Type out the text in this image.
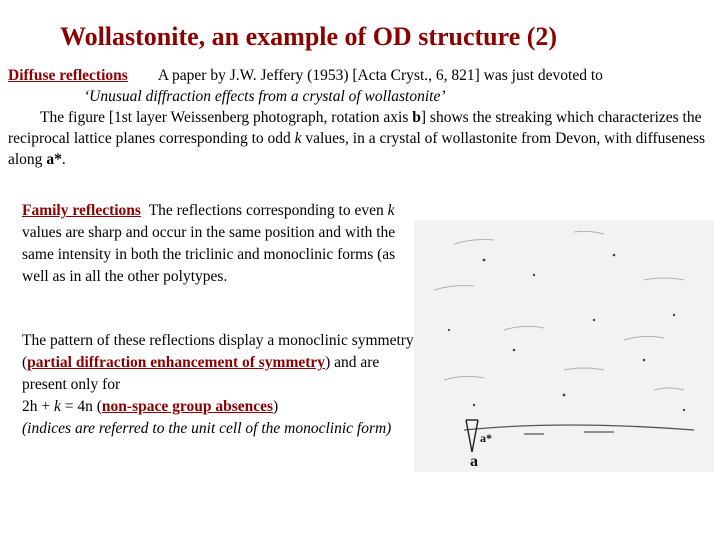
Wollastonite, an example of OD structure (2)
Diffuse reflections A paper by J.W. Jeffery (1953) [Acta Cryst., 6, 821] was just devoted to
‘Unusual diffraction effects from a crystal of wollastonite’
The figure [1st layer Weissenberg photograph, rotation axis b] shows the streaking which characterizes the reciprocal lattice planes corresponding to odd k values, in a crystal of wollastonite from Devon, with diffuseness along a*.
Family reflections The reflections corresponding to even k values are sharp and occur in the same position and with the same intensity in both the triclinic and monoclinic forms (as well as in all the other polytypes.
The pattern of these reflections display a monoclinic symmetry (partial diffraction enhancement of symmetry) and are present only for
2h + k = 4n (non-space group absences)
(indices are referred to the unit cell of the monoclinic form)
a
a*
